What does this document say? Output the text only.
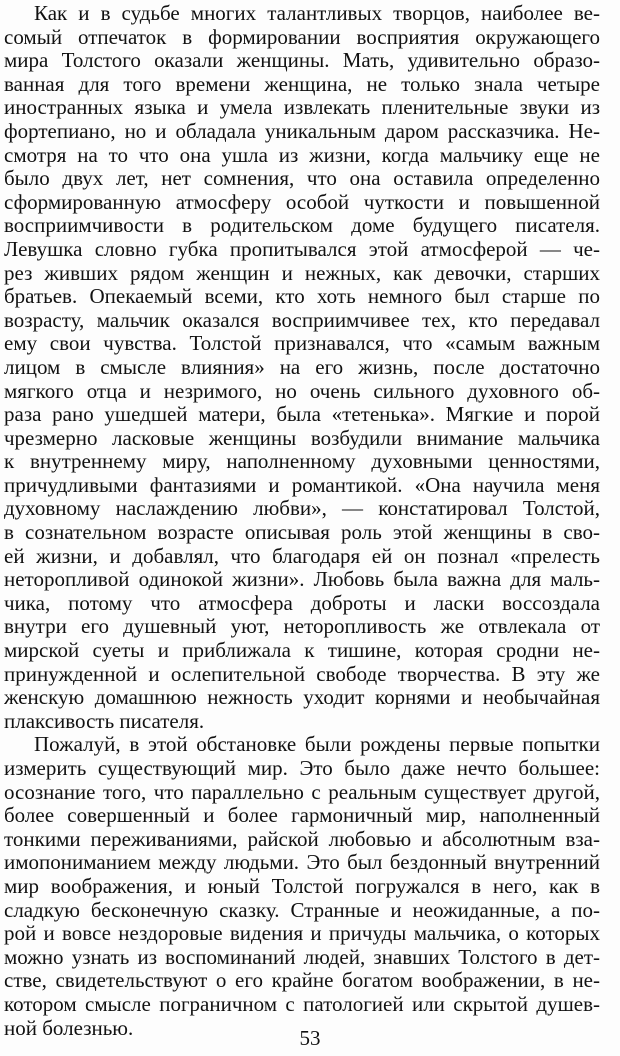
Как и в судьбе многих талантливых творцов, наиболее ве-
сомый отпечаток в формировании восприятия окружающего
мира Толстого оказали женщины. Мать, удивительно образо-
ванная для того времени женщина, не только знала четыре
иностранных языка и умела извлекать пленительные звуки из
фортепиано, но и обладала уникальным даром рассказчика. Не-
смотря на то что она ушла из жизни, когда мальчику еще не
было двух лет, нет сомнения, что она оставила определенно
сформированную атмосферу особой чуткости и повышенной
восприимчивости в родительском доме будущего писателя.
Левушка словно губка пропитывался этой атмосферой — че-
рез живших рядом женщин и нежных, как девочки, старших
братьев. Опекаемый всеми, кто хоть немного был старше по
возрасту, мальчик оказался восприимчивее тех, кто передавал
ему свои чувства. Толстой признавался, что «самым важным
лицом в смысле влияния» на его жизнь, после достаточно
мягкого отца и незримого, но очень сильного духовного об-
раза рано ушедшей матери, была «тетенька». Мягкие и порой
чрезмерно ласковые женщины возбудили внимание мальчика
к внутреннему миру, наполненному духовными ценностями,
причудливыми фантазиями и романтикой. «Она научила меня
духовному наслаждению любви», — констатировал Толстой,
в сознательном возрасте описывая роль этой женщины в сво-
ей жизни, и добавлял, что благодаря ей он познал «прелесть
неторопливой одинокой жизни». Любовь была важна для маль-
чика, потому что атмосфера доброты и ласки воссоздала
внутри его душевный уют, неторопливость же отвлекала от
мирской суеты и приближала к тишине, которая сродни не-
принужденной и ослепительной свободе творчества. В эту же
женскую домашнюю нежность уходит корнями и необычайная
плаксивость писателя.
Пожалуй, в этой обстановке были рождены первые попытки
измерить существующий мир. Это было даже нечто большее:
осознание того, что параллельно с реальным существует другой,
более совершенный и более гармоничный мир, наполненный
тонкими переживаниями, райской любовью и абсолютным вза-
имопониманием между людьми. Это был бездонный внутренний
мир воображения, и юный Толстой погружался в него, как в
сладкую бесконечную сказку. Странные и неожиданные, а по-
рой и вовсе нездоровые видения и причуды мальчика, о которых
можно узнать из воспоминаний людей, знавших Толстого в дет-
стве, свидетельствуют о его крайне богатом воображении, в не-
котором смысле пограничном с патологией или скрытой душев-
ной болезнью.	53
